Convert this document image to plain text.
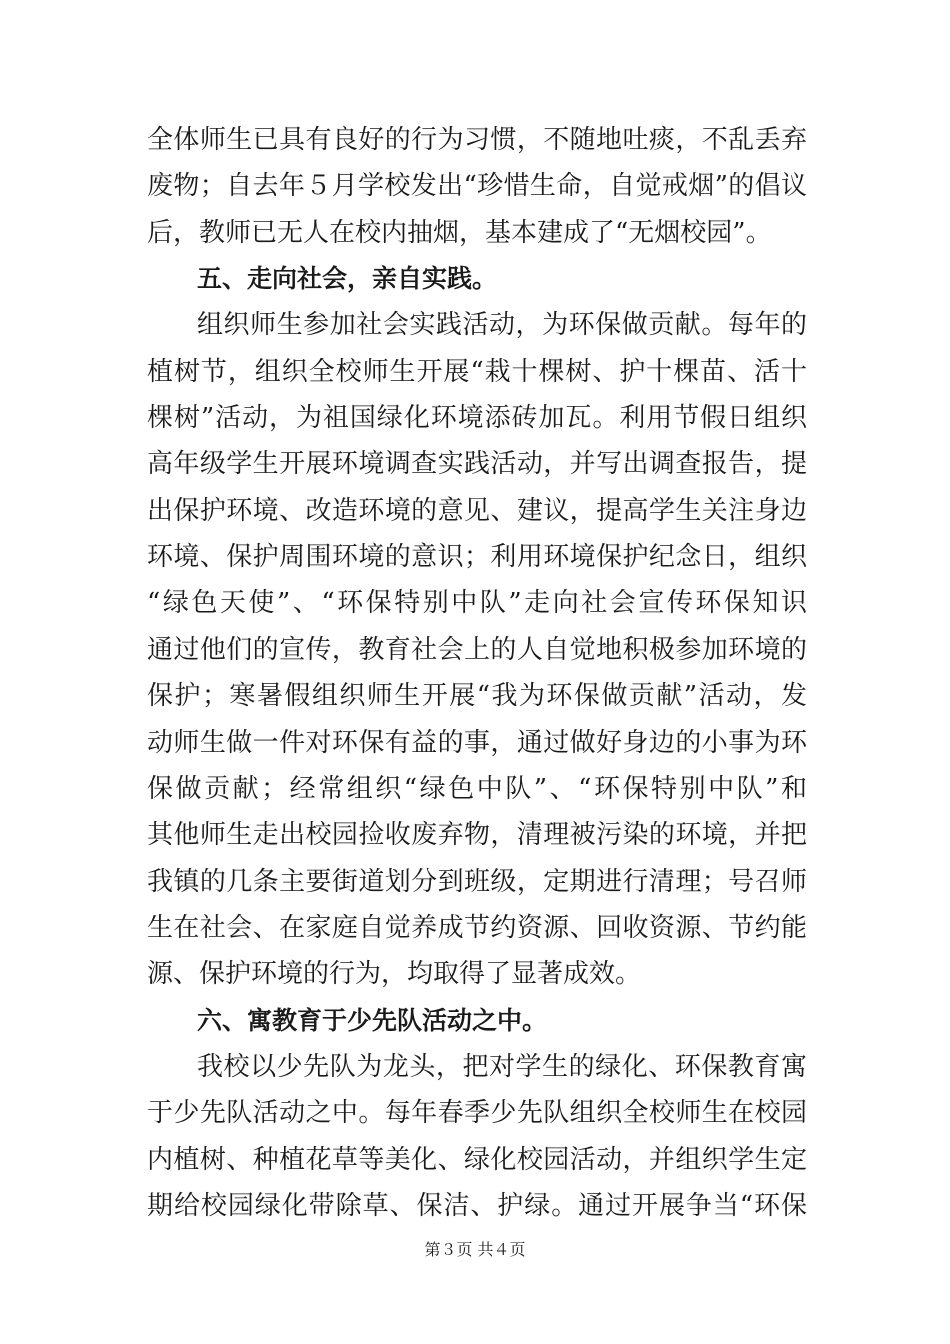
全体师生已具有良好的行为习惯，不随地吐痰，不乱丢弃
废物；自去年５月学校发出“珍惜生命，自觉戒烟”的倡议
后，教师已无人在校内抽烟，基本建成了“无烟校园”。
五、走向社会，亲自实践。
组织师生参加社会实践活动，为环保做贡献。每年的
植树节，组织全校师生开展“栽十棵树、护十棵苗、活十
棵树”活动，为祖国绿化环境添砖加瓦。利用节假日组织
高年级学生开展环境调查实践活动，并写出调查报告，提
出保护环境、改造环境的意见、建议，提高学生关注身边
环境、保护周围环境的意识；利用环境保护纪念日，组织
“绿色天使”、“环保特别中队”走向社会宣传环保知识
通过他们的宣传，教育社会上的人自觉地积极参加环境的
保护；寒暑假组织师生开展“我为环保做贡献”活动，发
动师生做一件对环保有益的事，通过做好身边的小事为环
保做贡献；经常组织“绿色中队”、“环保特别中队”和
其他师生走出校园捡收废弃物，清理被污染的环境，并把
我镇的几条主要街道划分到班级，定期进行清理；号召师
生在社会、在家庭自觉养成节约资源、回收资源、节约能
源、保护环境的行为，均取得了显著成效。
六、寓教育于少先队活动之中。
我校以少先队为龙头，把对学生的绿化、环保教育寓
于少先队活动之中。每年春季少先队组织全校师生在校园
内植树、种植花草等美化、绿化校园活动，并组织学生定
期给校园绿化带除草、保洁、护绿。通过开展争当“环保
第３页 共４页
